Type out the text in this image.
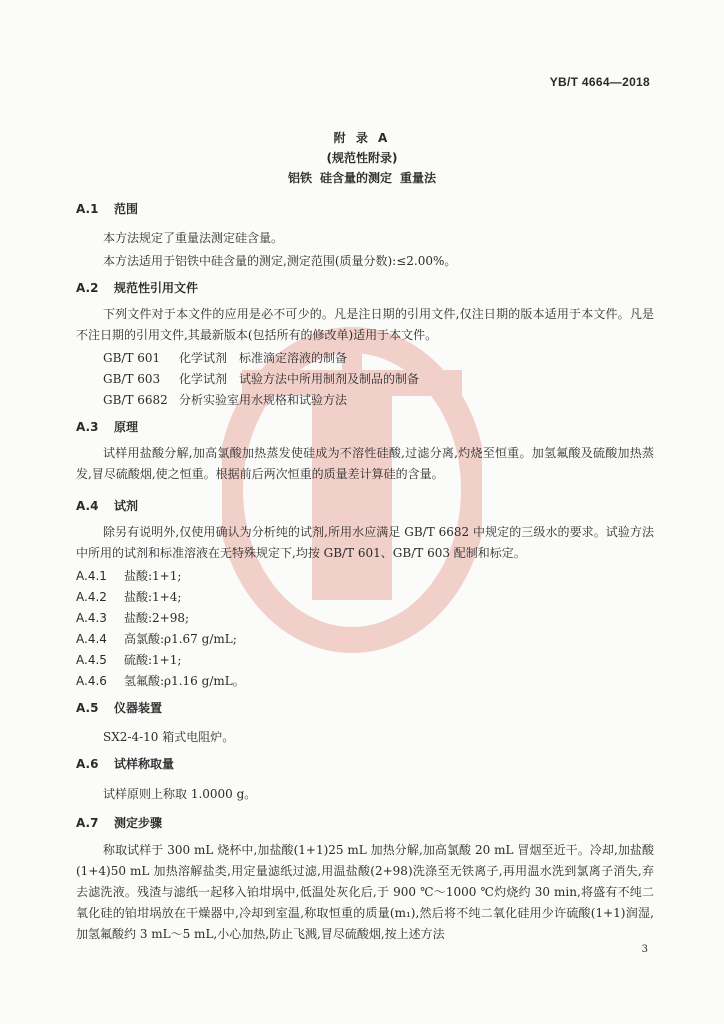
YB/T 4664—2018
附 录 A
(规范性附录)
铝铁 硅含量的测定 重量法
A.1 范围
本方法规定了重量法测定硅含量。
本方法适用于铝铁中硅含量的测定,测定范围(质量分数):≤2.00%。
A.2 规范性引用文件
下列文件对于本文件的应用是必不可少的。凡是注日期的引用文件,仅注日期的版本适用于本文件。凡是不注日期的引用文件,其最新版本(包括所有的修改单)适用于本文件。
GB/T 601 化学试剂　标准滴定溶液的制备
GB/T 603 化学试剂　试验方法中所用制剂及制品的制备
GB/T 6682 分析实验室用水规格和试验方法
A.3 原理
试样用盐酸分解,加高氯酸加热蒸发使硅成为不溶性硅酸,过滤分离,灼烧至恒重。加氢氟酸及硫酸加热蒸发,冒尽硫酸烟,使之恒重。根据前后两次恒重的质量差计算硅的含量。
A.4 试剂
除另有说明外,仅使用确认为分析纯的试剂,所用水应满足 GB/T 6682 中规定的三级水的要求。试验方法中所用的试剂和标准溶液在无特殊规定下,均按 GB/T 601、GB/T 603 配制和标定。
A.4.1 盐酸:1+1;
A.4.2 盐酸:1+4;
A.4.3 盐酸:2+98;
A.4.4 高氯酸:ρ1.67 g/mL;
A.4.5 硫酸:1+1;
A.4.6 氢氟酸:ρ1.16 g/mL。
A.5 仪器装置
SX2-4-10 箱式电阻炉。
A.6 试样称取量
试样原则上称取 1.0000 g。
A.7 测定步骤
称取试样于 300 mL 烧杯中,加盐酸(1+1)25 mL 加热分解,加高氯酸 20 mL 冒烟至近干。冷却,加盐酸(1+4)50 mL 加热溶解盐类,用定量滤纸过滤,用温盐酸(2+98)洗涤至无铁离子,再用温水洗到氯离子消失,弃去滤洗液。残渣与滤纸一起移入铂坩埚中,低温处灰化后,于 900 ℃～1000 ℃灼烧约 30 min,将盛有不纯二氧化硅的铂坩埚放在干燥器中,冷却到室温,称取恒重的质量(m₁),然后将不纯二氧化硅用少许硫酸(1+1)润湿,加氢氟酸约 3 mL～5 mL,小心加热,防止飞溅,冒尽硫酸烟,按上述方法
3
